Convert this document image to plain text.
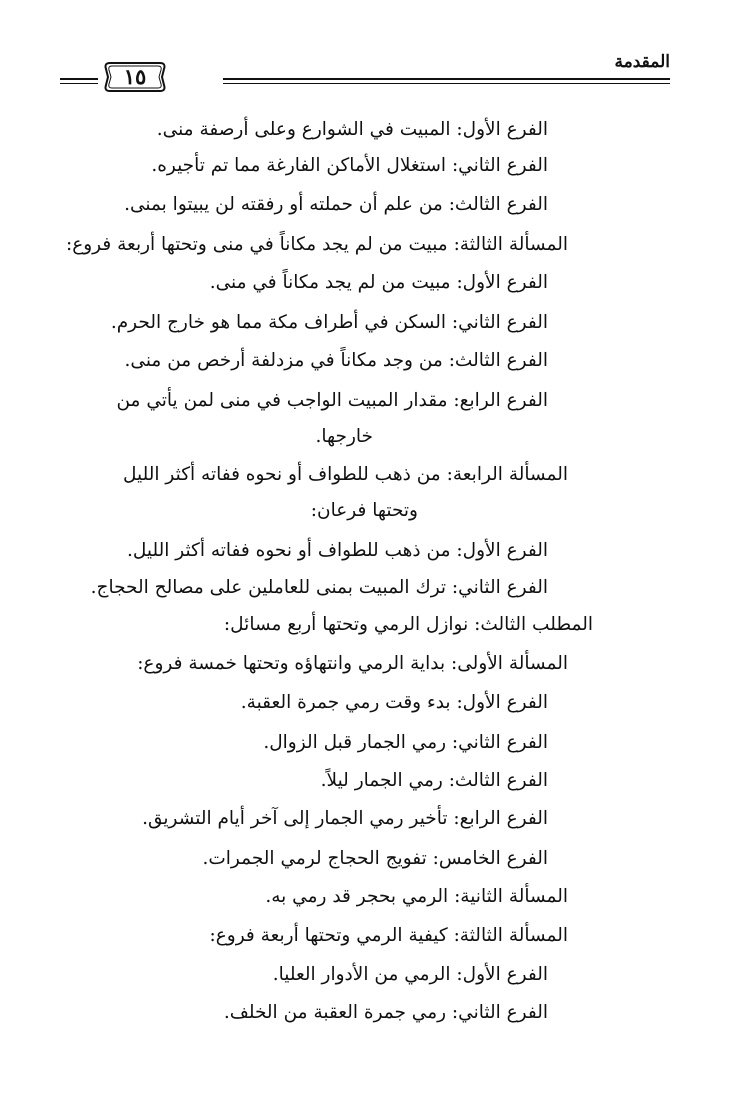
المقدمة
١٥
الفرع الأول: المبيت في الشوارع وعلى أرصفة منى.
الفرع الثاني: استغلال الأماكن الفارغة مما تم تأجيره.
الفرع الثالث: من علم أن حملته أو رفقته لن يبيتوا بمنى.
المسألة الثالثة: مبيت من لم يجد مكاناً في منى وتحتها أربعة فروع:
الفرع الأول: مبيت من لم يجد مكاناً في منى.
الفرع الثاني: السكن في أطراف مكة مما هو خارج الحرم.
الفرع الثالث: من وجد مكاناً في مزدلفة أرخص من منى.
الفرع الرابع: مقدار المبيت الواجب في منى لمن يأتي من
خارجها.
المسألة الرابعة: من ذهب للطواف أو نحوه ففاته أكثر الليل
وتحتها فرعان:
الفرع الأول: من ذهب للطواف أو نحوه ففاته أكثر الليل.
الفرع الثاني: ترك المبيت بمنى للعاملين على مصالح الحجاج.
المطلب الثالث: نوازل الرمي وتحتها أربع مسائل:
المسألة الأولى: بداية الرمي وانتهاؤه وتحتها خمسة فروع:
الفرع الأول: بدء وقت رمي جمرة العقبة.
الفرع الثاني: رمي الجمار قبل الزوال.
الفرع الثالث: رمي الجمار ليلاً.
الفرع الرابع: تأخير رمي الجمار إلى آخر أيام التشريق.
الفرع الخامس: تفويج الحجاج لرمي الجمرات.
المسألة الثانية: الرمي بحجر قد رمي به.
المسألة الثالثة: كيفية الرمي وتحتها أربعة فروع:
الفرع الأول: الرمي من الأدوار العليا.
الفرع الثاني: رمي جمرة العقبة من الخلف.
